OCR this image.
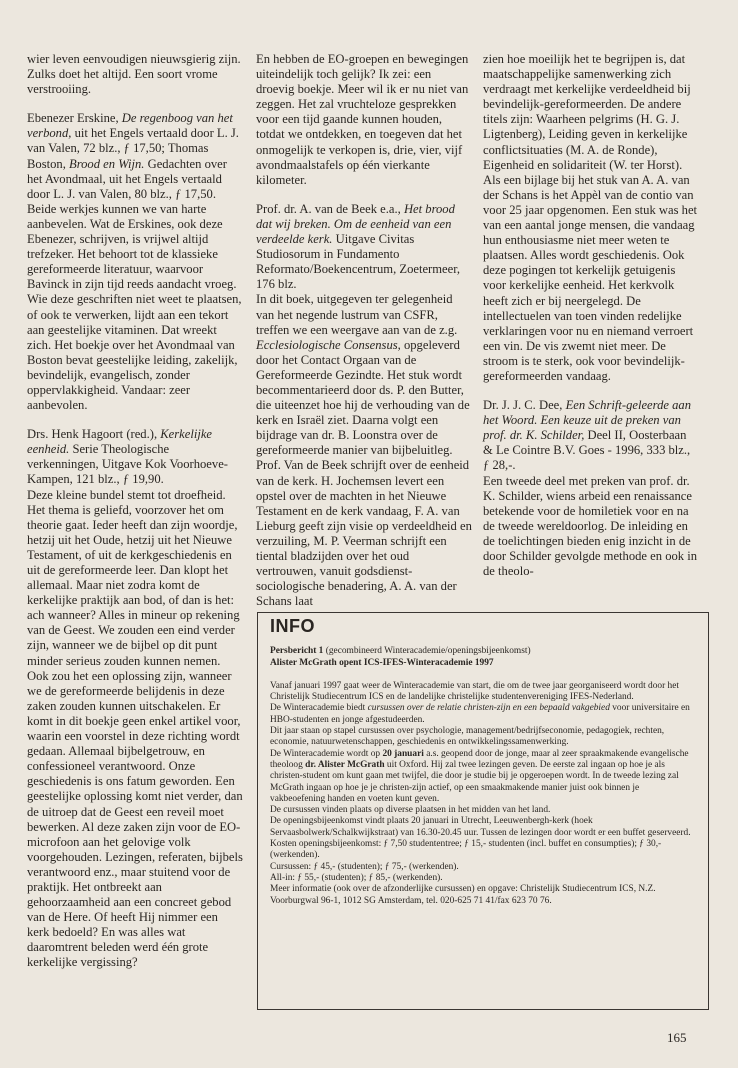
wier leven eenvoudigen nieuwsgierig zijn. Zulks doet het altijd. Een soort vrome verstrooiing.

Ebenezer Erskine, De regenboog van het verbond, uit het Engels vertaald door L. J. van Valen, 72 blz., ƒ 17,50; Thomas Boston, Brood en Wijn. Gedachten over het Avondmaal, uit het Engels vertaald door L. J. van Valen, 80 blz., ƒ 17,50.
Beide werkjes kunnen we van harte aanbevelen. Wat de Erskines, ook deze Ebenezer, schrijven, is vrijwel altijd trefzeker. Het behoort tot de klassieke gereformeerde literatuur, waarvoor Bavinck in zijn tijd reeds aandacht vroeg. Wie deze geschriften niet weet te plaatsen, of ook te verwerken, lijdt aan een tekort aan geestelijke vitaminen. Dat wreekt zich. Het boekje over het Avondmaal van Boston bevat geestelijke leiding, zakelijk, bevindelijk, evangelisch, zonder oppervlakkigheid. Vandaar: zeer aanbevolen.

Drs. Henk Hagoort (red.), Kerkelijke eenheid. Serie Theologische verkenningen, Uitgave Kok Voorhoeve-Kampen, 121 blz., ƒ 19,90.
Deze kleine bundel stemt tot droefheid. Het thema is geliefd, voorzover het om theorie gaat. Ieder heeft dan zijn woordje, hetzij uit het Oude, hetzij uit het Nieuwe Testament, of uit de kerkgeschiedenis en uit de gereformeerde leer. Dan klopt het allemaal. Maar niet zodra komt de kerkelijke praktijk aan bod, of dan is het: ach wanneer? Alles in mineur op rekening van de Geest. We zouden een eind verder zijn, wanneer we de bijbel op dit punt minder serieus zouden kunnen nemen. Ook zou het een oplossing zijn, wanneer we de gereformeerde belijdenis in deze zaken zouden kunnen uitschakelen. Er komt in dit boekje geen enkel artikel voor, waarin een voorstel in deze richting wordt gedaan. Allemaal bijbelgetrouw, en confessioneel verantwoord. Onze geschiedenis is ons fatum geworden. Een geestelijke oplossing komt niet verder, dan de uitroep dat de Geest een reveil moet bewerken. Al deze zaken zijn voor de EO-microfoon aan het gelovige volk voorgehouden. Lezingen, referaten, bijbels verantwoord enz., maar stuitend voor de praktijk. Het ontbreekt aan gehoorzaamheid aan een concreet gebod van de Here. Of heeft Hij nimmer een kerk bedoeld? En was alles wat daaromtrent beleden werd één grote kerkelijke vergissing?

En hebben de EO-groepen en bewegingen uiteindelijk toch gelijk? Ik zei: een droevig boekje. Meer wil ik er nu niet van zeggen. Het zal vruchteloze gesprekken voor een tijd gaande kunnen houden, totdat we ontdekken, en toegeven dat het onmogelijk te verkopen is, drie, vier, vijf avondmaalstafels op één vierkante kilometer.

Prof. dr. A. van de Beek e.a., Het brood dat wij breken. Om de eenheid van een verdeelde kerk. Uitgave Civitas Studiosorum in Fundamento Reformato/Boekencentrum, Zoetermeer, 176 blz.
In dit boek, uitgegeven ter gelegenheid van het negende lustrum van CSFR, treffen we een weergave aan van de z.g. Ecclesiologische Consensus, opgeleverd door het Contact Orgaan van de Gereformeerde Gezindte. Het stuk wordt becommentarieerd door ds. P. den Butter, die uiteenzet hoe hij de verhouding van de kerk en Israël ziet. Daarna volgt een bijdrage van dr. B. Loonstra over de gereformeerde manier van bijbeluitleg. Prof. Van de Beek schrijft over de eenheid van de kerk. H. Jochemsen levert een opstel over de machten in het Nieuwe Testament en de kerk vandaag, F. A. van Lieburg geeft zijn visie op verdeeldheid en verzuiling, M. P. Veerman schrijft een tiental bladzijden over het oud vertrouwen, vanuit godsdienst-sociologische benadering, A. A. van der Schans laat

zien hoe moeilijk het te begrijpen is, dat maatschappelijke samenwerking zich verdraagt met kerkelijke verdeeldheid bij bevindelijk-gereformeerden. De andere titels zijn: Waarheen pelgrims (H. G. J. Ligtenberg), Leiding geven in kerkelijke conflictsituaties (M. A. de Ronde), Eigenheid en solidariteit (W. ter Horst). Als een bijlage bij het stuk van A. A. van der Schans is het Appèl van de contio van voor 25 jaar opgenomen. Een stuk was het van een aantal jonge mensen, die vandaag hun enthousiasme niet meer weten te plaatsen. Alles wordt geschiedenis. Ook deze pogingen tot kerkelijk getuigenis voor kerkelijke eenheid. Het kerkvolk heeft zich er bij neergelegd. De intellectuelen van toen vinden redelijke verklaringen voor nu en niemand verroert een vin. De vis zwemt niet meer. De stroom is te sterk, ook voor bevindelijk-gereformeerden vandaag.

Dr. J. J. C. Dee, Een Schrift-geleerde aan het Woord. Een keuze uit de preken van prof. dr. K. Schilder, Deel II, Oosterbaan & Le Cointre B.V. Goes - 1996, 333 blz., ƒ 28,-.
Een tweede deel met preken van prof. dr. K. Schilder, wiens arbeid een renaissance betekende voor de homiletiek voor en na de tweede wereldoorlog. De inleiding en de toelichtingen bieden enig inzicht in de door Schilder gevolgde methode en ook in de theolo-

INFO

Persbericht 1 (gecombineerd Winteracademie/openingsbijeenkomst)
Alister McGrath opent ICS-IFES-Winteracademie 1997

Vanaf januari 1997 gaat weer de Winteracademie van start, die om de twee jaar georganiseerd wordt door het Christelijk Studiecentrum ICS en de landelijke christelijke studentenvereniging IFES-Nederland.
De Winteracademie biedt cursussen over de relatie christen-zijn en een bepaald vakgebied voor universitaire en HBO-studenten en jonge afgestudeerden.
Dit jaar staan op stapel cursussen over psychologie, management/bedrijfseconomie, pedagogiek, rechten, economie, natuurwetenschappen, geschiedenis en ontwikkelingssamenwerking.
De Winteracademie wordt op 20 januari a.s. geopend door de jonge, maar al zeer spraakmakende evangelische theoloog dr. Alister McGrath uit Oxford. Hij zal twee lezingen geven. De eerste zal ingaan op hoe je als christen-student om kunt gaan met twijfel, die door je studie bij je opgeroepen wordt. In de tweede lezing zal McGrath ingaan op hoe je je christen-zijn actief, op een smaakmakende manier juist ook binnen je vakbeoefening handen en voeten kunt geven.
De cursussen vinden plaats op diverse plaatsen in het midden van het land.
De openingsbijeenkomst vindt plaats 20 januari in Utrecht, Leeuwenbergh-kerk (hoek Servaasbolwerk/Schalkwijkstraat) van 16.30-20.45 uur. Tussen de lezingen door wordt er een buffet geserveerd.
Kosten openingsbijeenkomst: ƒ 7,50 studententreе; ƒ 15,- studenten (incl. buffet en consumpties); ƒ 30,- (werkenden).
Cursussen: ƒ 45,- (studenten); ƒ 75,- (werkenden).
All-in: ƒ 55,- (studenten); ƒ 85,- (werkenden).
Meer informatie (ook over de afzonderlijke cursussen) en opgave: Christelijk Studiecentrum ICS, N.Z. Voorburgwal 96-1, 1012 SG Amsterdam, tel. 020-625 71 41/fax 623 70 76.

165
